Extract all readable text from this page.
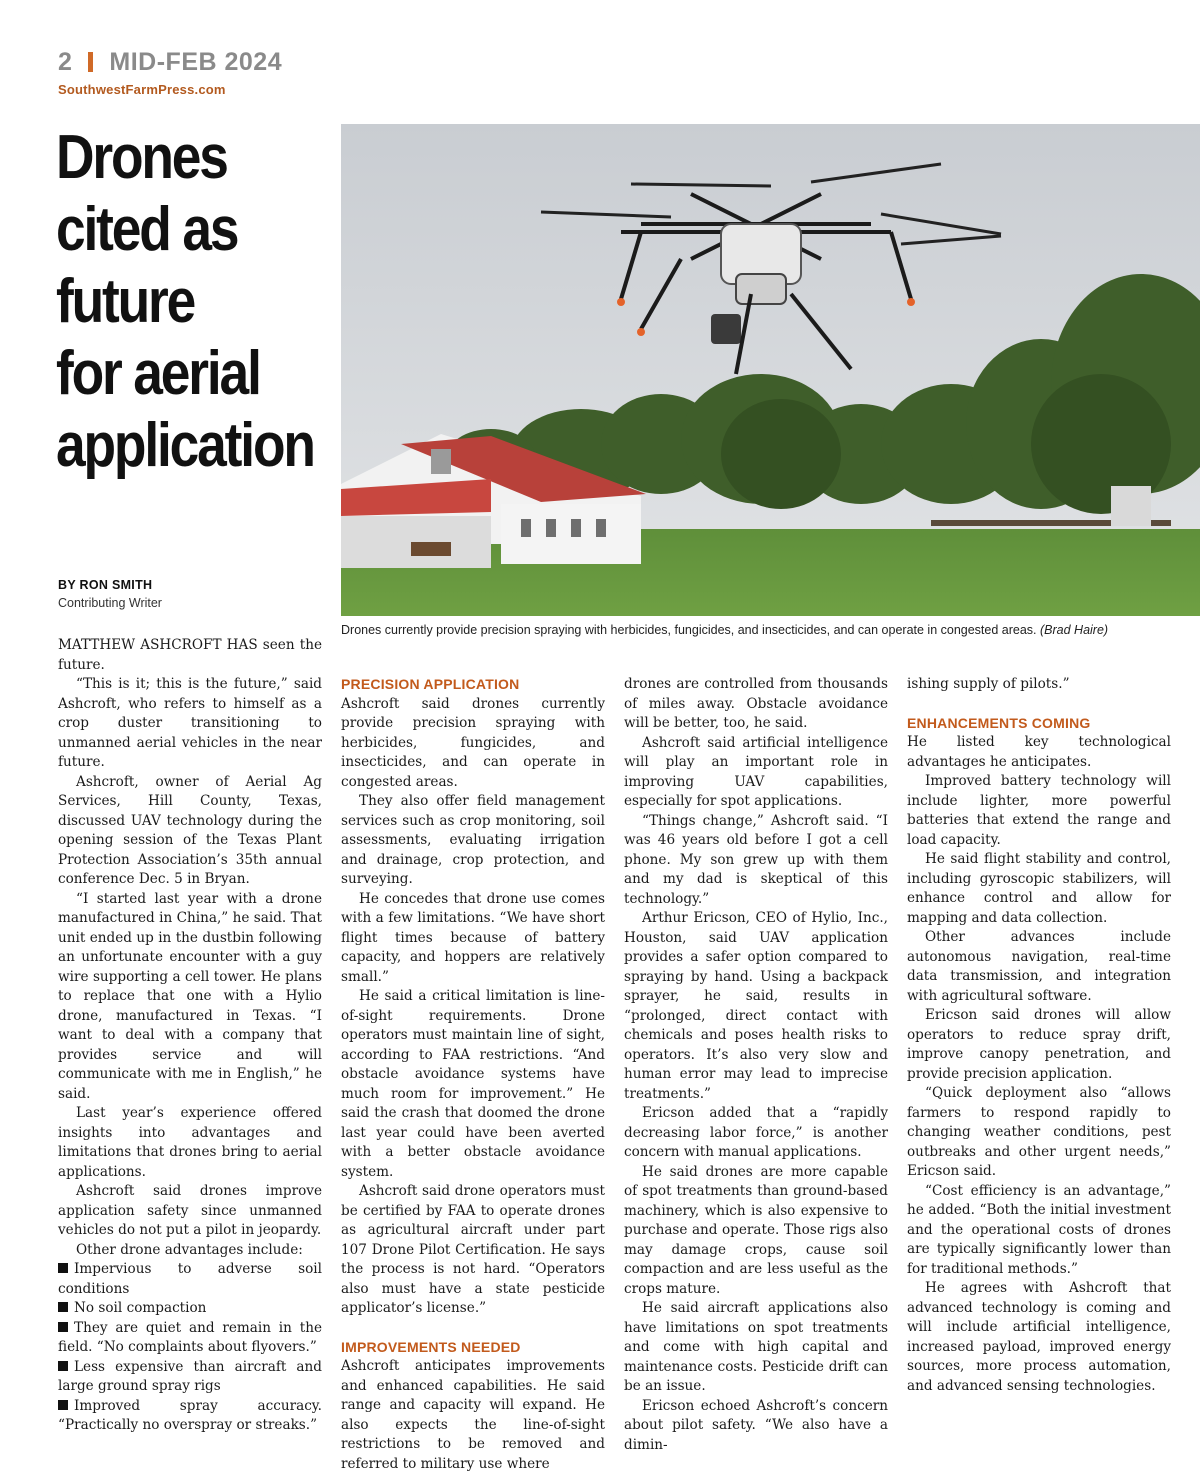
2 MID-FEB 2024
SouthwestFarmPress.com
Drones
cited as
future
for aerial
application
BY RON SMITH
Contributing Writer
Drones currently provide precision spraying with herbicides, fungicides, and insecticides, and can operate in congested areas. (Brad Haire)

MATTHEW ASHCROFT HAS seen the future.

“This is it; this is the future,” said Ashcroft, who refers to himself as a crop duster transitioning to unmanned aerial vehicles in the near future.

Ashcroft, owner of Aerial Ag Services, Hill County, Texas, discussed UAV technology during the opening session of the Texas Plant Protection Association’s 35th annual conference Dec. 5 in Bryan.

“I started last year with a drone manufactured in China,” he said. That unit ended up in the dustbin following an unfortunate encounter with a guy wire supporting a cell tower. He plans to replace that one with a Hylio drone, manufactured in Texas. “I want to deal with a company that provides service and will communicate with me in English,” he said.

Last year’s experience offered insights into advantages and limitations that drones bring to aerial applications.

Ashcroft said drones improve application safety since unmanned vehicles do not put a pilot in jeopardy.

Other drone advantages include:

Impervious to adverse soil conditions

No soil compaction

They are quiet and remain in the field. “No complaints about flyovers.”

Less expensive than aircraft and large ground spray rigs

Improved spray accuracy. “Practically no overspray or streaks.”

PRECISION APPLICATION

Ashcroft said drones currently provide precision spraying with herbicides, fungicides, and insecticides, and can operate in congested areas.

They also offer field management services such as crop monitoring, soil assessments, evaluating irrigation and drainage, crop protection, and surveying.

He concedes that drone use comes with a few limitations. “We have short flight times because of battery capacity, and hoppers are relatively small.”

He said a critical limitation is line-of-sight requirements. Drone operators must maintain line of sight, according to FAA restrictions. “And obstacle avoidance systems have much room for improvement.” He said the crash that doomed the drone last year could have been averted with a better obstacle avoidance system.

Ashcroft said drone operators must be certified by FAA to operate drones as agricultural aircraft under part 107 Drone Pilot Certification. He says the process is not hard. “Operators also must have a state pesticide applicator’s license.”

IMPROVEMENTS NEEDED

Ashcroft anticipates improvements and enhanced capabilities. He said range and capacity will expand. He also expects the line-of-sight restrictions to be removed and referred to military use where

drones are controlled from thousands of miles away. Obstacle avoidance will be better, too, he said.

Ashcroft said artificial intelligence will play an important role in improving UAV capabilities, especially for spot applications.

“Things change,” Ashcroft said. “I was 46 years old before I got a cell phone. My son grew up with them and my dad is skeptical of this technology.”

Arthur Ericson, CEO of Hylio, Inc., Houston, said UAV application provides a safer option compared to spraying by hand. Using a backpack sprayer, he said, results in “prolonged, direct contact with chemicals and poses health risks to operators. It’s also very slow and human error may lead to imprecise treatments.”

Ericson added that a “rapidly decreasing labor force,” is another concern with manual applications.

He said drones are more capable of spot treatments than ground-based machinery, which is also expensive to purchase and operate. Those rigs also may damage crops, cause soil compaction and are less useful as the crops mature.

He said aircraft applications also have limitations on spot treatments and come with high capital and maintenance costs. Pesticide drift can be an issue.

Ericson echoed Ashcroft’s concern about pilot safety. “We also have a dimin-

ishing supply of pilots.”

ENHANCEMENTS COMING

He listed key technological advantages he anticipates.

Improved battery technology will include lighter, more powerful batteries that extend the range and load capacity.

He said flight stability and control, including gyroscopic stabilizers, will enhance control and allow for mapping and data collection.

Other advances include autonomous navigation, real-time data transmission, and integration with agricultural software.

Ericson said drones will allow operators to reduce spray drift, improve canopy penetration, and provide precision application.

“Quick deployment also “allows farmers to respond rapidly to changing weather conditions, pest outbreaks and other urgent needs,” Ericson said.

“Cost efficiency is an advantage,” he added. “Both the initial investment and the operational costs of drones are typically significantly lower than for traditional methods.”

He agrees with Ashcroft that advanced technology is coming and will include artificial intelligence, increased payload, improved energy sources, more process automation, and advanced sensing technologies.
